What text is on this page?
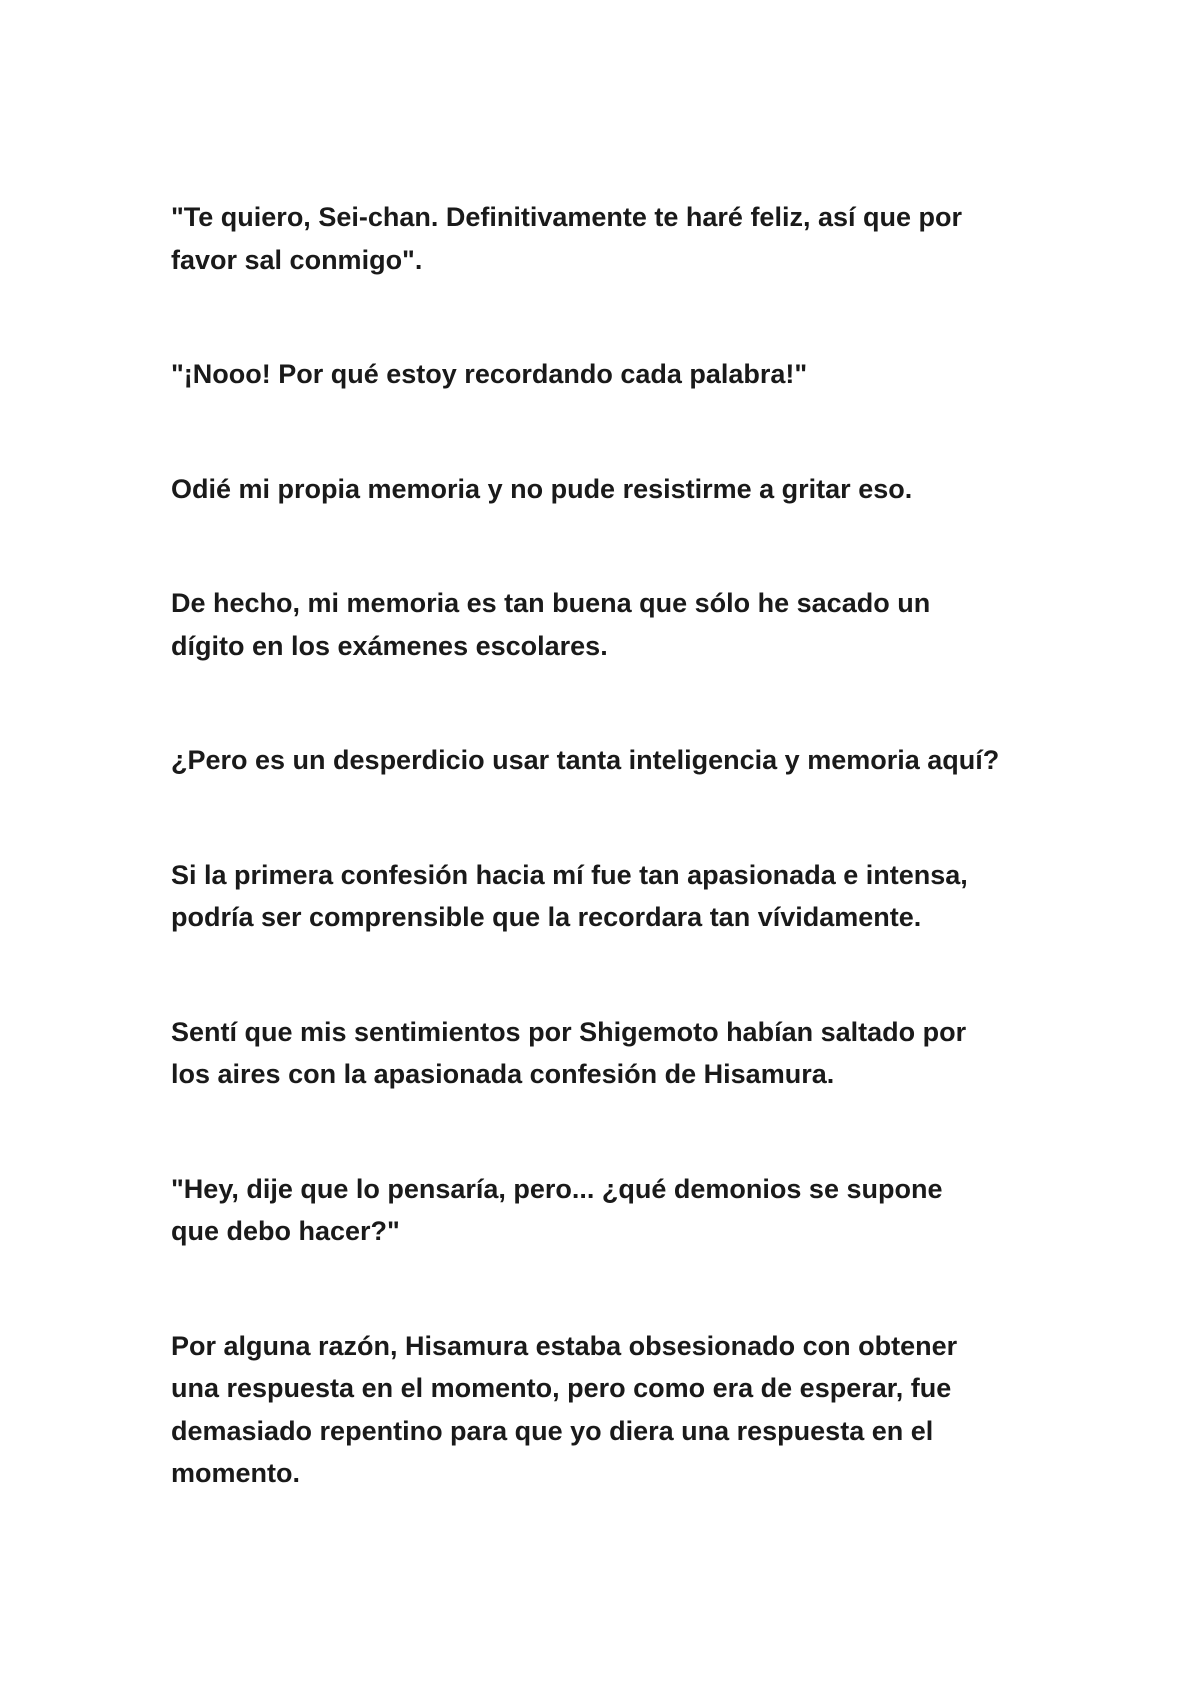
"Te quiero, Sei-chan. Definitivamente te haré feliz, así que por
favor sal conmigo".

"¡Nooo! Por qué estoy recordando cada palabra!"

Odié mi propia memoria y no pude resistirme a gritar eso.

De hecho, mi memoria es tan buena que sólo he sacado un
dígito en los exámenes escolares.

¿Pero es un desperdicio usar tanta inteligencia y memoria aquí?

Si la primera confesión hacia mí fue tan apasionada e intensa,
podría ser comprensible que la recordara tan vívidamente.

Sentí que mis sentimientos por Shigemoto habían saltado por
los aires con la apasionada confesión de Hisamura.

"Hey, dije que lo pensaría, pero... ¿qué demonios se supone
que debo hacer?"

Por alguna razón, Hisamura estaba obsesionado con obtener
una respuesta en el momento, pero como era de esperar, fue
demasiado repentino para que yo diera una respuesta en el
momento.
